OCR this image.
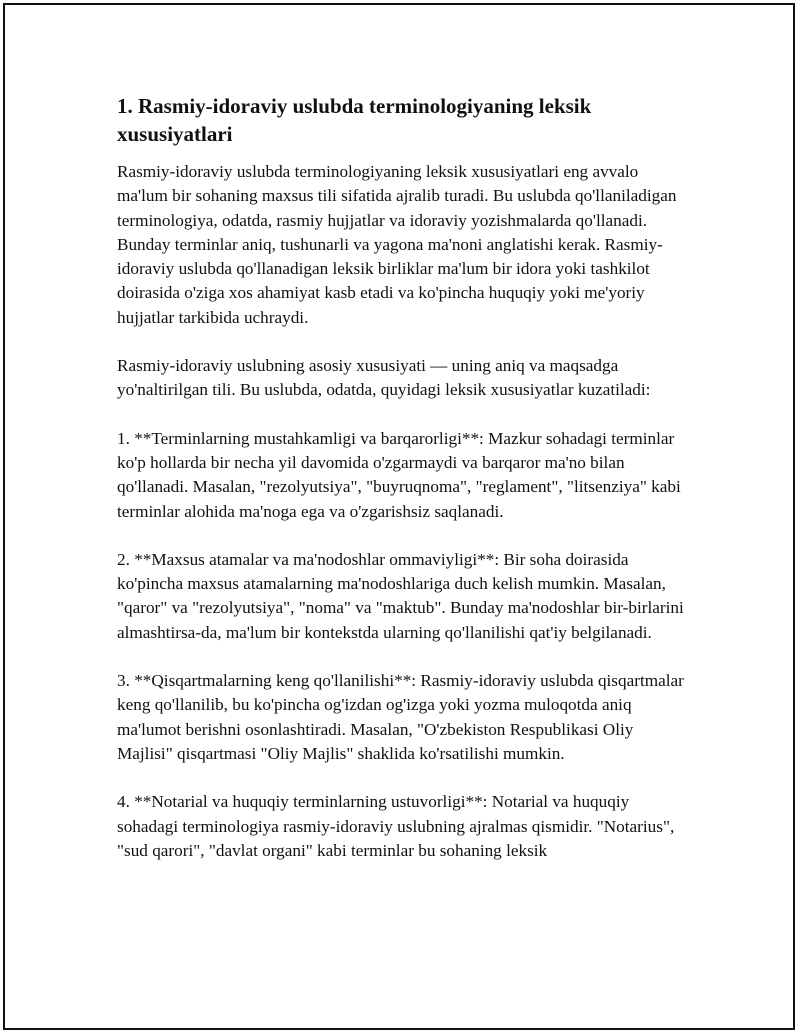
1. Rasmiy-idoraviy uslubda terminologiyaning leksik xususiyatlari

Rasmiy-idoraviy uslubda terminologiyaning leksik xususiyatlari eng avvalo ma'lum bir sohaning maxsus tili sifatida ajralib turadi. Bu uslubda qo'llaniladigan terminologiya, odatda, rasmiy hujjatlar va idoraviy yozishmalarda qo'llanadi. Bunday terminlar aniq, tushunarli va yagona ma'noni anglatishi kerak. Rasmiy-idoraviy uslubda qo'llanadigan leksik birliklar ma'lum bir idora yoki tashkilot doirasida o'ziga xos ahamiyat kasb etadi va ko'pincha huquqiy yoki me'yoriy hujjatlar tarkibida uchraydi.

Rasmiy-idoraviy uslubning asosiy xususiyati — uning aniq va maqsadga yo'naltirilgan tili. Bu uslubda, odatda, quyidagi leksik xususiyatlar kuzatiladi:

1. **Terminlarning mustahkamligi va barqarorligi**: Mazkur sohadagi terminlar ko'p hollarda bir necha yil davomida o'zgarmaydi va barqaror ma'no bilan qo'llanadi. Masalan, "rezolyutsiya", "buyruqnoma", "reglament", "litsenziya" kabi terminlar alohida ma'noga ega va o'zgarishsiz saqlanadi.

2. **Maxsus atamalar va ma'nodoshlar ommaviyligi**: Bir soha doirasida ko'pincha maxsus atamalarning ma'nodoshlariga duch kelish mumkin. Masalan, "qaror" va "rezolyutsiya", "noma" va "maktub". Bunday ma'nodoshlar bir-birlarini almashtirsa-da, ma'lum bir kontekstda ularning qo'llanilishi qat'iy belgilanadi.

3. **Qisqartmalarning keng qo'llanilishi**: Rasmiy-idoraviy uslubda qisqartmalar keng qo'llanilib, bu ko'pincha og'izdan og'izga yoki yozma muloqotda aniq ma'lumot berishni osonlashtiradi. Masalan, "O'zbekiston Respublikasi Oliy Majlisi" qisqartmasi "Oliy Majlis" shaklida ko'rsatilishi mumkin.

4. **Notarial va huquqiy terminlarning ustuvorligi**: Notarial va huquqiy sohadagi terminologiya rasmiy-idoraviy uslubning ajralmas qismidir. "Notarius", "sud qarori", "davlat organi" kabi terminlar bu sohaning leksik
